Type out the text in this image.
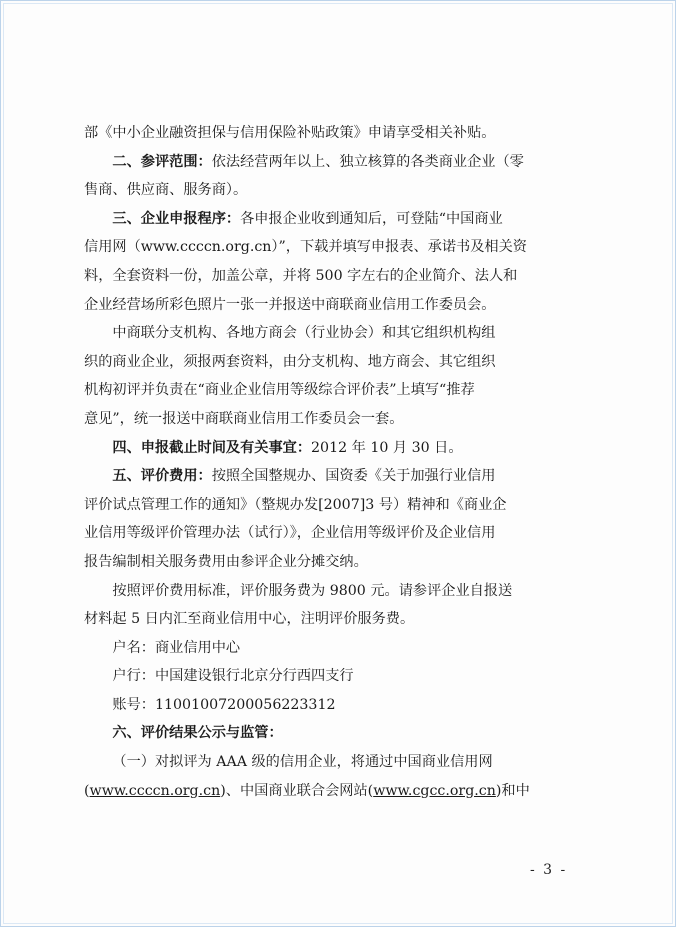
部《中小企业融资担保与信用保险补贴政策》申请享受相关补贴。

二、参评范围：依法经营两年以上、独立核算的各类商业企业（零
售商、供应商、服务商）。

三、企业申报程序：各申报企业收到通知后，可登陆“中国商业
信用网（www.ccccn.org.cn）”，下载并填写申报表、承诺书及相关资
料，全套资料一份，加盖公章，并将 500 字左右的企业简介、法人和
企业经营场所彩色照片一张一并报送中商联商业信用工作委员会。

中商联分支机构、各地方商会（行业协会）和其它组织机构组
织的商业企业，须报两套资料，由分支机构、地方商会、其它组织
机构初评并负责在“商业企业信用等级综合评价表”上填写“推荐
意见”，统一报送中商联商业信用工作委员会一套。

四、申报截止时间及有关事宜：2012 年 10 月 30 日。

五、评价费用：按照全国整规办、国资委《关于加强行业信用
评价试点管理工作的通知》（整规办发[2007]3 号）精神和《商业企
业信用等级评价管理办法（试行）》，企业信用等级评价及企业信用
报告编制相关服务费用由参评企业分摊交纳。

按照评价费用标准，评价服务费为 9800 元。请参评企业自报送
材料起 5 日内汇至商业信用中心，注明评价服务费。

户名：商业信用中心
户行：中国建设银行北京分行西四支行
账号：11001007200056223312

六、评价结果公示与监管：

（一）对拟评为 AAA 级的信用企业，将通过中国商业信用网
(www.ccccn.org.cn)、中国商业联合会网站(www.cgcc.org.cn)和中

- 3 -
